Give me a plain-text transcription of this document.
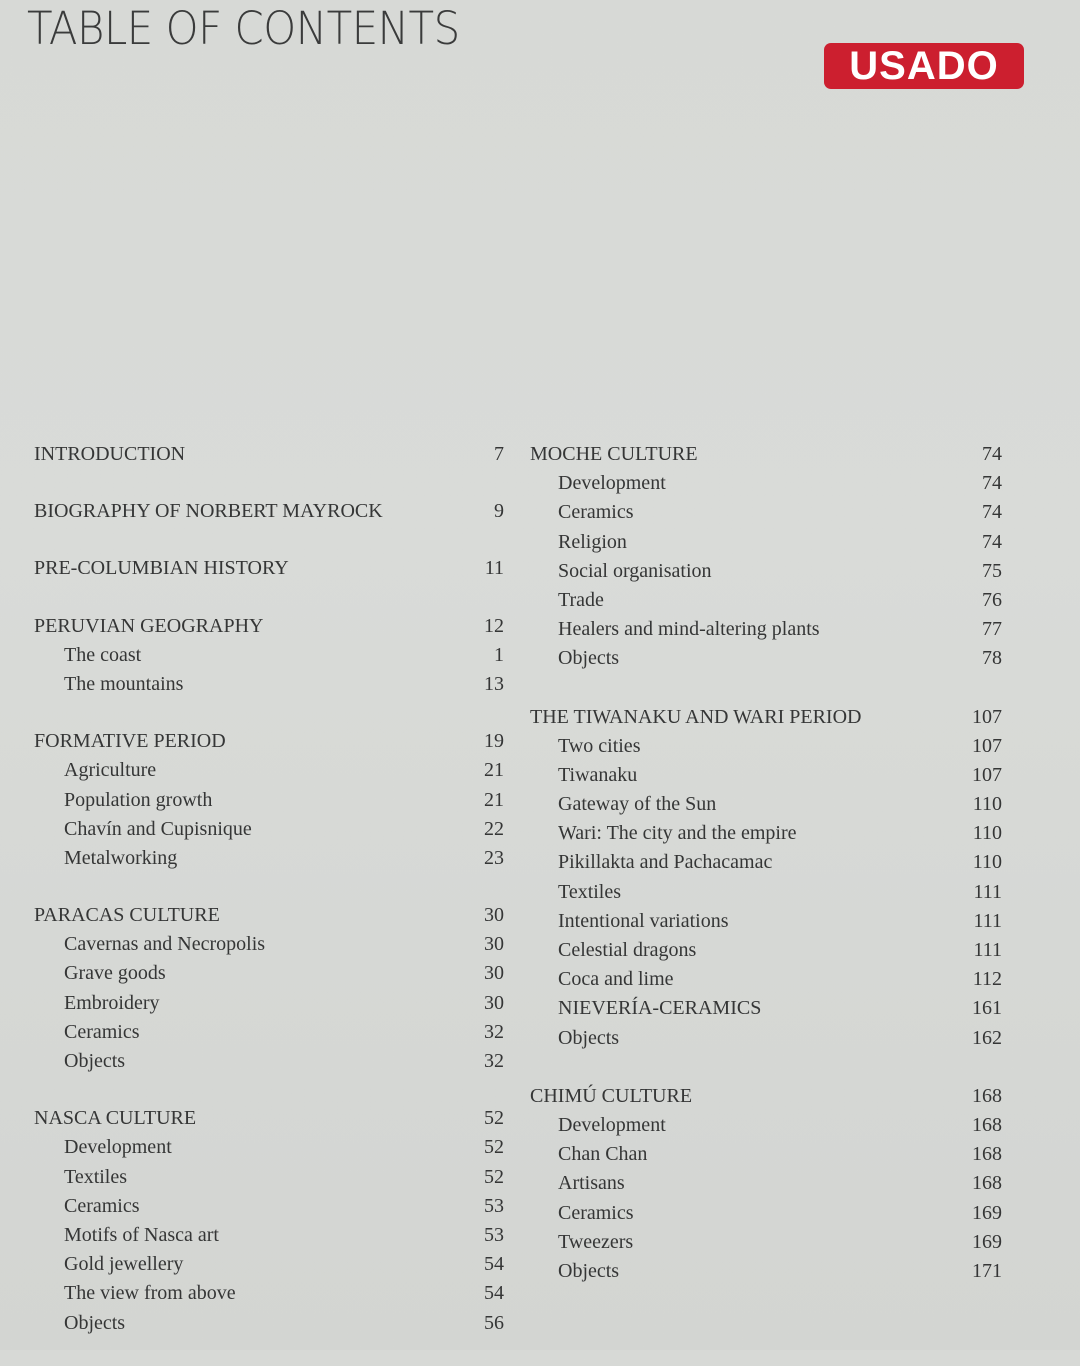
TABLE OF CONTENTS
USADO
INTRODUCTION	7
BIOGRAPHY OF NORBERT MAYROCK	9
PRE-COLUMBIAN HISTORY	11
PERUVIAN GEOGRAPHY	12
The coast	1
The mountains	13
FORMATIVE PERIOD	19
Agriculture	21
Population growth	21
Chavín and Cupisnique	22
Metalworking	23
PARACAS CULTURE	30
Cavernas and Necropolis	30
Grave goods	30
Embroidery	30
Ceramics	32
Objects	32
NASCA CULTURE	52
Development	52
Textiles	52
Ceramics	53
Motifs of Nasca art	53
Gold jewellery	54
The view from above	54
Objects	56
MOCHE CULTURE	74
Development	74
Ceramics	74
Religion	74
Social organisation	75
Trade	76
Healers and mind-altering plants	77
Objects	78
THE TIWANAKU AND WARI PERIOD	107
Two cities	107
Tiwanaku	107
Gateway of the Sun	110
Wari: The city and the empire	110
Pikillakta and Pachacamac	110
Textiles	111
Intentional variations	111
Celestial dragons	111
Coca and lime	112
NIEVERÍA-CERAMICS	161
Objects	162
CHIMÚ CULTURE	168
Development	168
Chan Chan	168
Artisans	168
Ceramics	169
Tweezers	169
Objects	171
